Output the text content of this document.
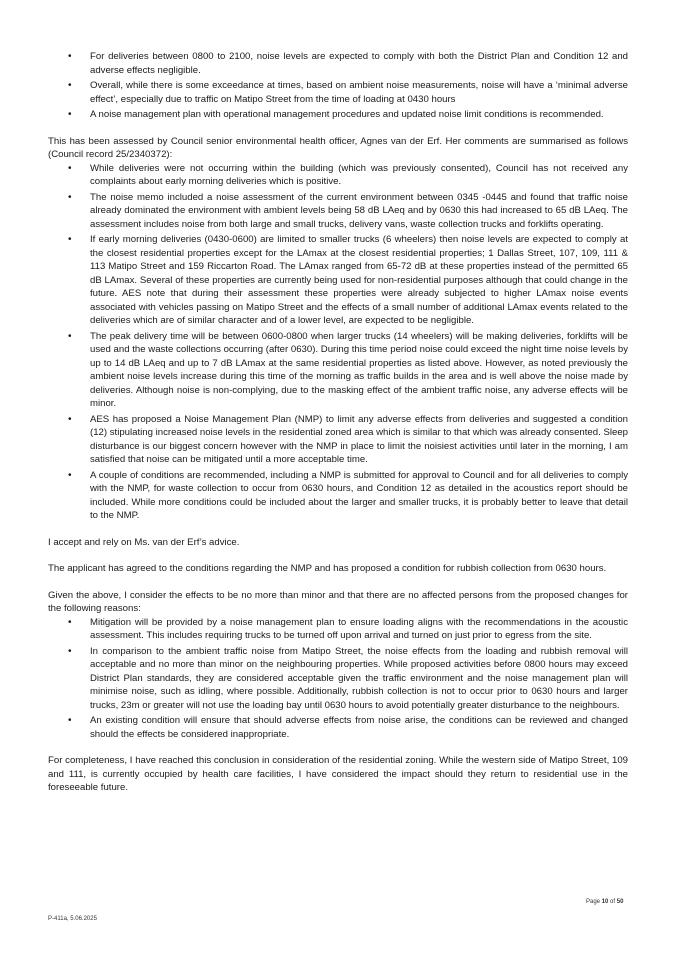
• For deliveries between 0800 to 2100, noise levels are expected to comply with both the District Plan and Condition 12 and adverse effects negligible.
• Overall, while there is some exceedance at times, based on ambient noise measurements, noise will have a ‘minimal adverse effect’, especially due to traffic on Matipo Street from the time of loading at 0430 hours
• A noise management plan with operational management procedures and updated noise limit conditions is recommended.

This has been assessed by Council senior environmental health officer, Agnes van der Erf. Her comments are summarised as follows (Council record 25/2340372):

• While deliveries were not occurring within the building (which was previously consented), Council has not received any complaints about early morning deliveries which is positive.
• The noise memo included a noise assessment of the current environment between 0345 -0445 and found that traffic noise already dominated the environment with ambient levels being 58 dB LAeq and by 0630 this had increased to 65 dB LAeq. The assessment includes noise from both large and small trucks, delivery vans, waste collection trucks and forklifts operating.
• If early morning deliveries (0430-0600) are limited to smaller trucks (6 wheelers) then noise levels are expected to comply at the closest residential properties except for the LAmax at the closest residential properties; 1 Dallas Street, 107, 109, 111 & 113 Matipo Street and 159 Riccarton Road. The LAmax ranged from 65-72 dB at these properties instead of the permitted 65 dB LAmax. Several of these properties are currently being used for non-residential purposes although that could change in the future. AES note that during their assessment these properties were already subjected to higher LAmax noise events associated with vehicles passing on Matipo Street and the effects of a small number of additional LAmax events related to the deliveries which are of similar character and of a lower level, are expected to be negligible.
• The peak delivery time will be between 0600-0800 when larger trucks (14 wheelers) will be making deliveries, forklifts will be used and the waste collections occurring (after 0630). During this time period noise could exceed the night time noise levels by up to 14 dB LAeq and up to 7 dB LAmax at the same residential properties as listed above. However, as noted previously the ambient noise levels increase during this time of the morning as traffic builds in the area and is well above the noise made by deliveries. Although noise is non-complying, due to the masking effect of the ambient traffic noise, any adverse effects will be minor.
• AES has proposed a Noise Management Plan (NMP) to limit any adverse effects from deliveries and suggested a condition (12) stipulating increased noise levels in the residential zoned area which is similar to that which was already consented. Sleep disturbance is our biggest concern however with the NMP in place to limit the noisiest activities until later in the morning, I am satisfied that noise can be mitigated until a more acceptable time.
• A couple of conditions are recommended, including a NMP is submitted for approval to Council and for all deliveries to comply with the NMP, for waste collection to occur from 0630 hours, and Condition 12 as detailed in the acoustics report should be included. While more conditions could be included about the larger and smaller trucks, it is probably better to leave that detail to the NMP.

I accept and rely on Ms. van der Erf’s advice.

The applicant has agreed to the conditions regarding the NMP and has proposed a condition for rubbish collection from 0630 hours.

Given the above, I consider the effects to be no more than minor and that there are no affected persons from the proposed changes for the following reasons:

• Mitigation will be provided by a noise management plan to ensure loading aligns with the recommendations in the acoustic assessment. This includes requiring trucks to be turned off upon arrival and turned on just prior to egress from the site.
• In comparison to the ambient traffic noise from Matipo Street, the noise effects from the loading and rubbish removal will acceptable and no more than minor on the neighbouring properties. While proposed activities before 0800 hours may exceed District Plan standards, they are considered acceptable given the traffic environment and the noise management plan will minimise noise, such as idling, where possible. Additionally, rubbish collection is not to occur prior to 0630 hours and larger trucks, 23m or greater will not use the loading bay until 0630 hours to avoid potentially greater disturbance to the neighbours.
• An existing condition will ensure that should adverse effects from noise arise, the conditions can be reviewed and changed should the effects be considered inappropriate.

For completeness, I have reached this conclusion in consideration of the residential zoning. While the western side of Matipo Street, 109 and 111, is currently occupied by health care facilities, I have considered the impact should they return to residential use in the foreseeable future.

Page 10 of 50
P-411a, 5.06.2025
